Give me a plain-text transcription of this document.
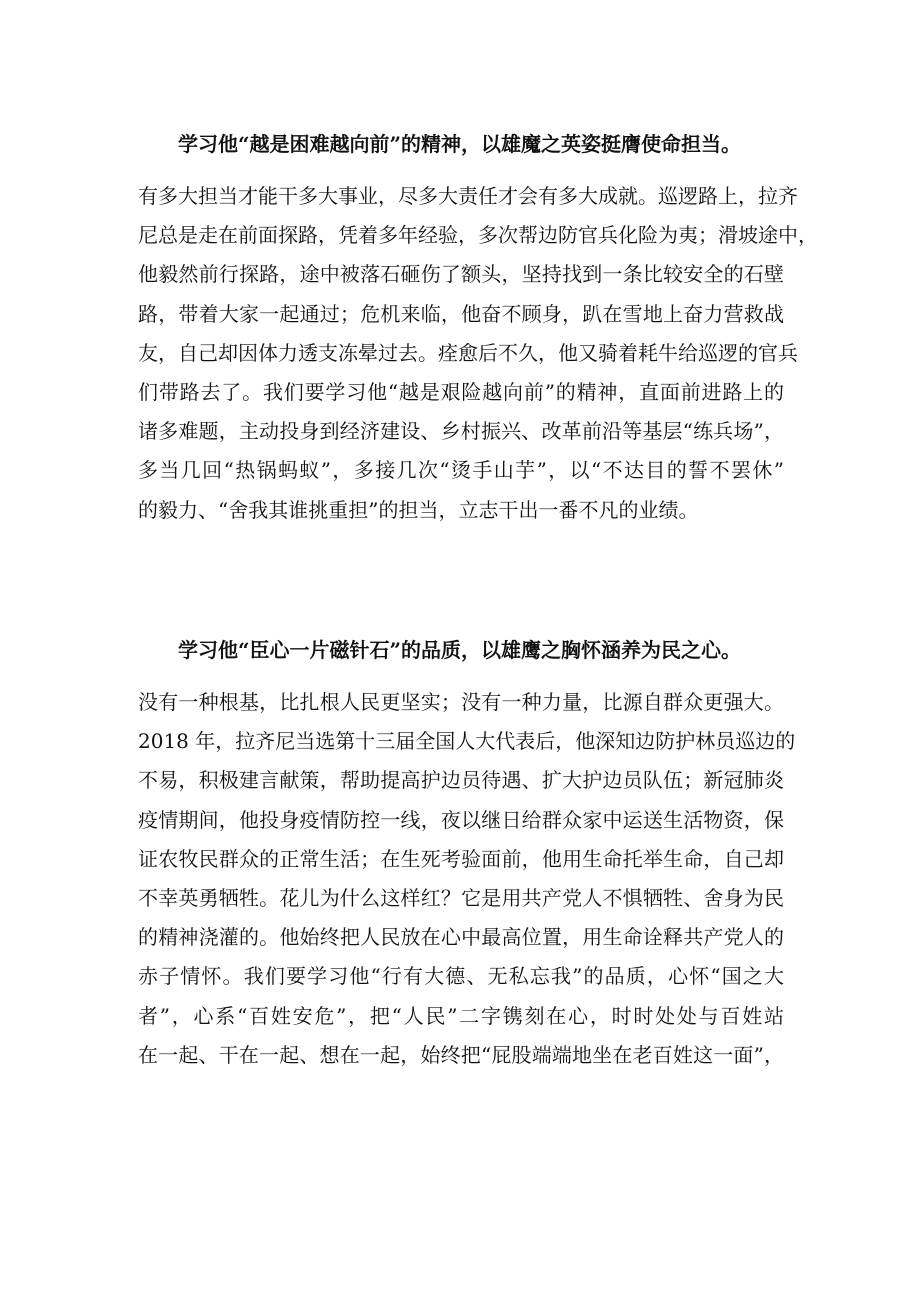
学习他“越是困难越向前”的精神，以雄魔之英姿挺膺使命担当。
有多大担当才能干多大事业，尽多大责任才会有多大成就。巡逻路上，拉齐
尼总是走在前面探路，凭着多年经验，多次帮边防官兵化险为夷；滑坡途中，
他毅然前行探路，途中被落石砸伤了额头，坚持找到一条比较安全的石壁
路，带着大家一起通过；危机来临，他奋不顾身，趴在雪地上奋力营救战
友，自己却因体力透支冻晕过去。痊愈后不久，他又骑着耗牛给巡逻的官兵
们带路去了。我们要学习他“越是艰险越向前”的精神，直面前进路上的
诸多难题，主动投身到经济建设、乡村振兴、改革前沿等基层“练兵场”，
多当几回“热锅蚂蚁”，多接几次“烫手山芋”，以“不达目的誓不罢休”
的毅力、“舍我其谁挑重担”的担当，立志干出一番不凡的业绩。
学习他“臣心一片磁针石”的品质，以雄鹰之胸怀涵养为民之心。
没有一种根基，比扎根人民更坚实；没有一种力量，比源自群众更强大。
2018 年，拉齐尼当选第十三届全国人大代表后，他深知边防护林员巡边的
不易，积极建言献策，帮助提高护边员待遇、扩大护边员队伍；新冠肺炎
疫情期间，他投身疫情防控一线，夜以继日给群众家中运送生活物资，保
证农牧民群众的正常生活；在生死考验面前，他用生命托举生命，自己却
不幸英勇牺牲。花儿为什么这样红？它是用共产党人不惧牺牲、舍身为民
的精神浇灌的。他始终把人民放在心中最高位置，用生命诠释共产党人的
赤子情怀。我们要学习他“行有大德、无私忘我”的品质，心怀“国之大
者”，心系“百姓安危”，把“人民”二字镌刻在心，时时处处与百姓站
在一起、干在一起、想在一起，始终把“屁股端端地坐在老百姓这一面”，
